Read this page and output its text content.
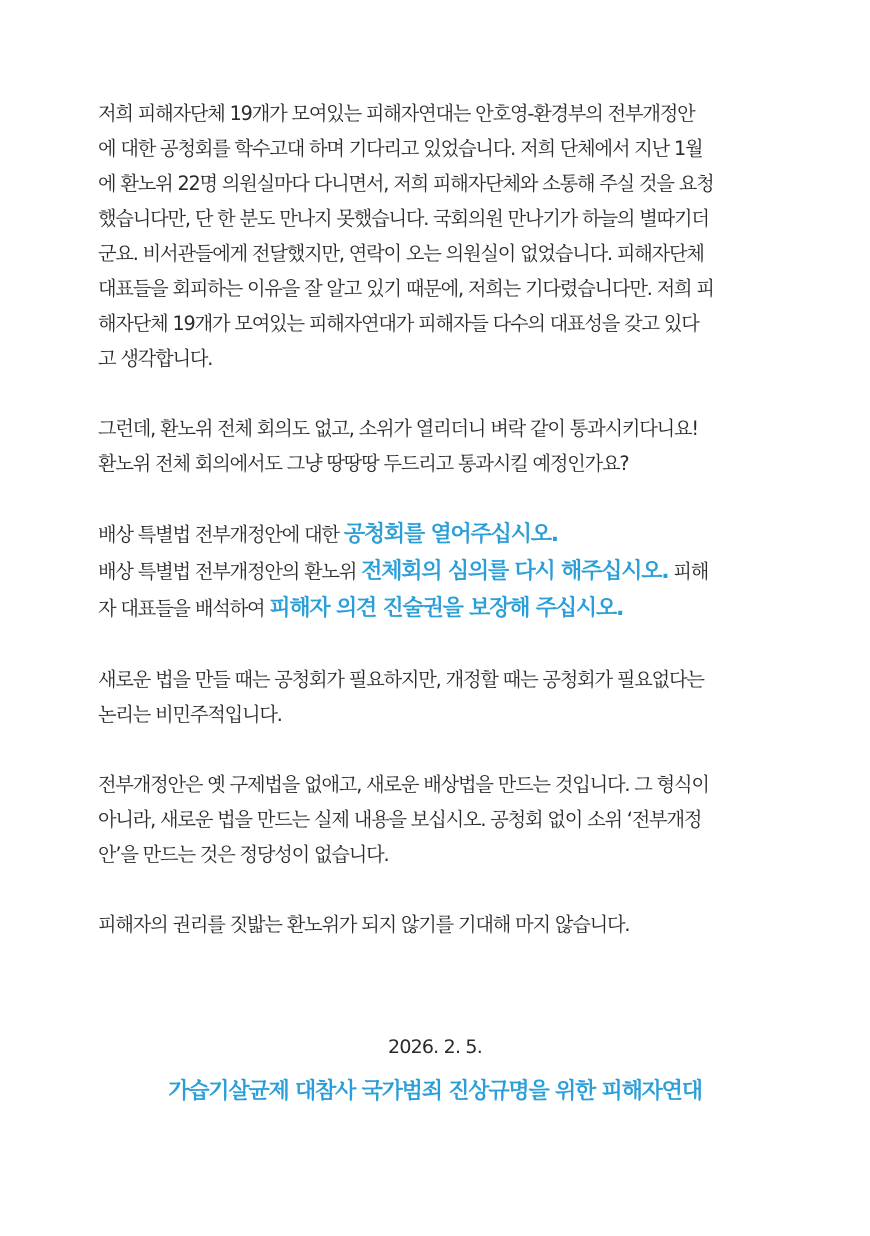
저희 피해자단체 19개가 모여있는 피해자연대는 안호영-환경부의 전부개정안
에 대한 공청회를 학수고대 하며 기다리고 있었습니다. 저희 단체에서 지난 1월
에 환노위 22명 의원실마다 다니면서, 저희 피해자단체와 소통해 주실 것을 요청
했습니다만, 단 한 분도 만나지 못했습니다. 국회의원 만나기가 하늘의 별따기더
군요. 비서관들에게 전달했지만, 연락이 오는 의원실이 없었습니다. 피해자단체
대표들을 회피하는 이유을 잘 알고 있기 때문에, 저희는 기다렸습니다만. 저희 피
해자단체 19개가 모여있는 피해자연대가 피해자들 다수의 대표성을 갖고 있다
고 생각합니다.

그런데, 환노위 전체 회의도 없고, 소위가 열리더니 벼락 같이 통과시키다니요!
환노위 전체 회의에서도 그냥 땅땅땅 두드리고 통과시킬 예정인가요?

배상 특별법 전부개정안에 대한 공청회를 열어주십시오.
배상 특별법 전부개정안의 환노위 전체회의 심의를 다시 해주십시오. 피해
자 대표들을 배석하여 피해자 의견 진술권을 보장해 주십시오.

새로운 법을 만들 때는 공청회가 필요하지만, 개정할 때는 공청회가 필요없다는
논리는 비민주적입니다.

전부개정안은 옛 구제법을 없애고, 새로운 배상법을 만드는 것입니다. 그 형식이
아니라, 새로운 법을 만드는 실제 내용을 보십시오. 공청회 없이 소위 ‘전부개정
안’을 만드는 것은 정당성이 없습니다.

피해자의 권리를 짓밟는 환노위가 되지 않기를 기대해 마지 않습니다.

2026. 2. 5.
가습기살균제 대참사 국가범죄 진상규명을 위한 피해자연대
